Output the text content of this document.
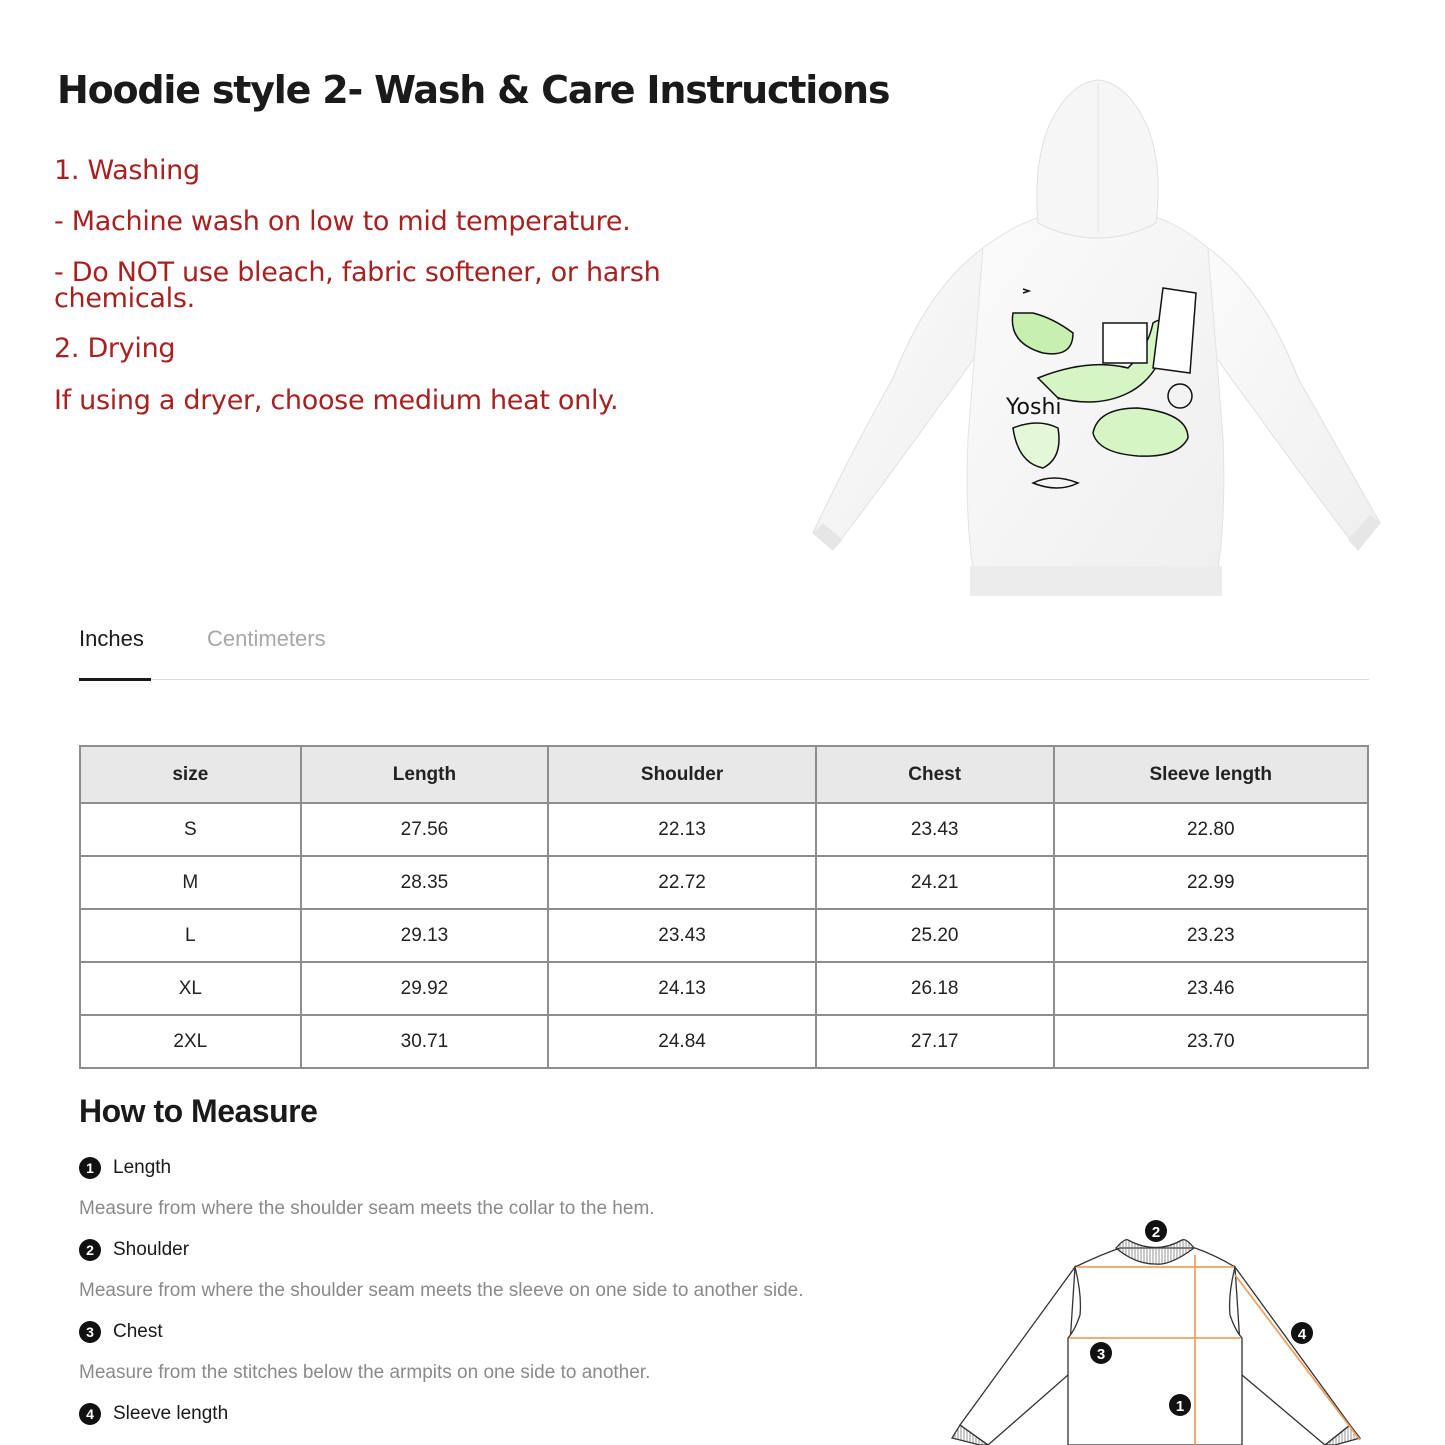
Hoodie style 2- Wash & Care Instructions

1. Washing

- Machine wash on low to mid temperature.

- Do NOT use bleach, fabric softener, or harsh chemicals.

2. Drying

If using a dryer, choose medium heat only.	Yoshi
Inches	Centimeters
size	Length	Shoulder	Chest	Sleeve length
S	27.56	22.13	23.43	22.80
M	28.35	22.72	24.21	22.99
L	29.13	23.43	25.20	23.23
XL	29.92	24.13	26.18	23.46
2XL	30.71	24.84	27.17	23.70
How to Measure
1	Length
Measure from where the shoulder seam meets the collar to the hem.
2	Shoulder
Measure from where the shoulder seam meets the sleeve on one side to another side.
3	Chest
Measure from the stitches below the armpits on one side to another.
4	Sleeve length
2
3
1
4
